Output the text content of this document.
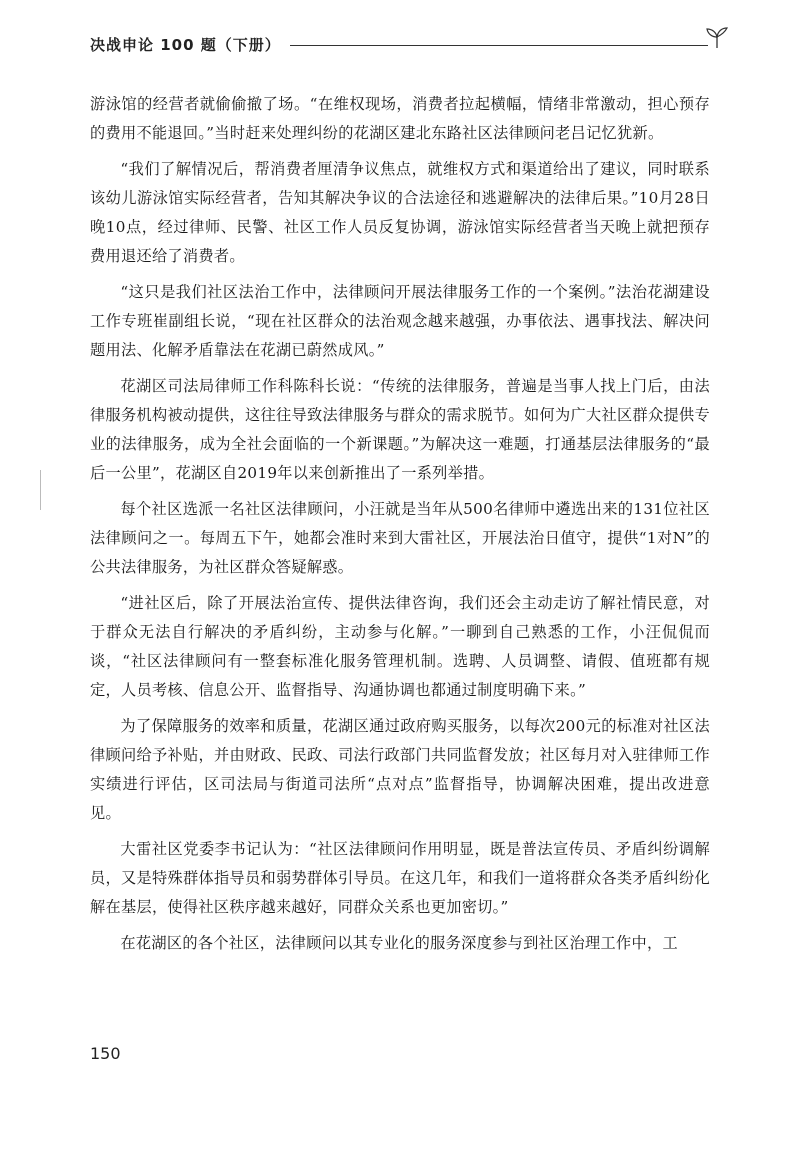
决战申论 100 题（下册）

游泳馆的经营者就偷偷撤了场。“在维权现场，消费者拉起横幅，情绪非常激动，担心预存的费用不能退回。”当时赶来处理纠纷的花湖区建北东路社区法律顾问老吕记忆犹新。

“我们了解情况后，帮消费者厘清争议焦点，就维权方式和渠道给出了建议，同时联系该幼儿游泳馆实际经营者，告知其解决争议的合法途径和逃避解决的法律后果。”10月28日晚10点，经过律师、民警、社区工作人员反复协调，游泳馆实际经营者当天晚上就把预存费用退还给了消费者。

“这只是我们社区法治工作中，法律顾问开展法律服务工作的一个案例。”法治花湖建设工作专班崔副组长说，“现在社区群众的法治观念越来越强，办事依法、遇事找法、解决问题用法、化解矛盾靠法在花湖已蔚然成风。”

花湖区司法局律师工作科陈科长说：“传统的法律服务，普遍是当事人找上门后，由法律服务机构被动提供，这往往导致法律服务与群众的需求脱节。如何为广大社区群众提供专业的法律服务，成为全社会面临的一个新课题。”为解决这一难题，打通基层法律服务的“最后一公里”，花湖区自2019年以来创新推出了一系列举措。

每个社区选派一名社区法律顾问，小汪就是当年从500名律师中遴选出来的131位社区法律顾问之一。每周五下午，她都会准时来到大雷社区，开展法治日值守，提供“1对N”的公共法律服务，为社区群众答疑解惑。

“进社区后，除了开展法治宣传、提供法律咨询，我们还会主动走访了解社情民意，对于群众无法自行解决的矛盾纠纷，主动参与化解。”一聊到自己熟悉的工作，小汪侃侃而谈，“社区法律顾问有一整套标准化服务管理机制。选聘、人员调整、请假、值班都有规定，人员考核、信息公开、监督指导、沟通协调也都通过制度明确下来。”

为了保障服务的效率和质量，花湖区通过政府购买服务，以每次200元的标准对社区法律顾问给予补贴，并由财政、民政、司法行政部门共同监督发放；社区每月对入驻律师工作实绩进行评估，区司法局与街道司法所“点对点”监督指导，协调解决困难，提出改进意见。

大雷社区党委李书记认为：“社区法律顾问作用明显，既是普法宣传员、矛盾纠纷调解员，又是特殊群体指导员和弱势群体引导员。在这几年，和我们一道将群众各类矛盾纠纷化解在基层，使得社区秩序越来越好，同群众关系也更加密切。”

在花湖区的各个社区，法律顾问以其专业化的服务深度参与到社区治理工作中，工

150
